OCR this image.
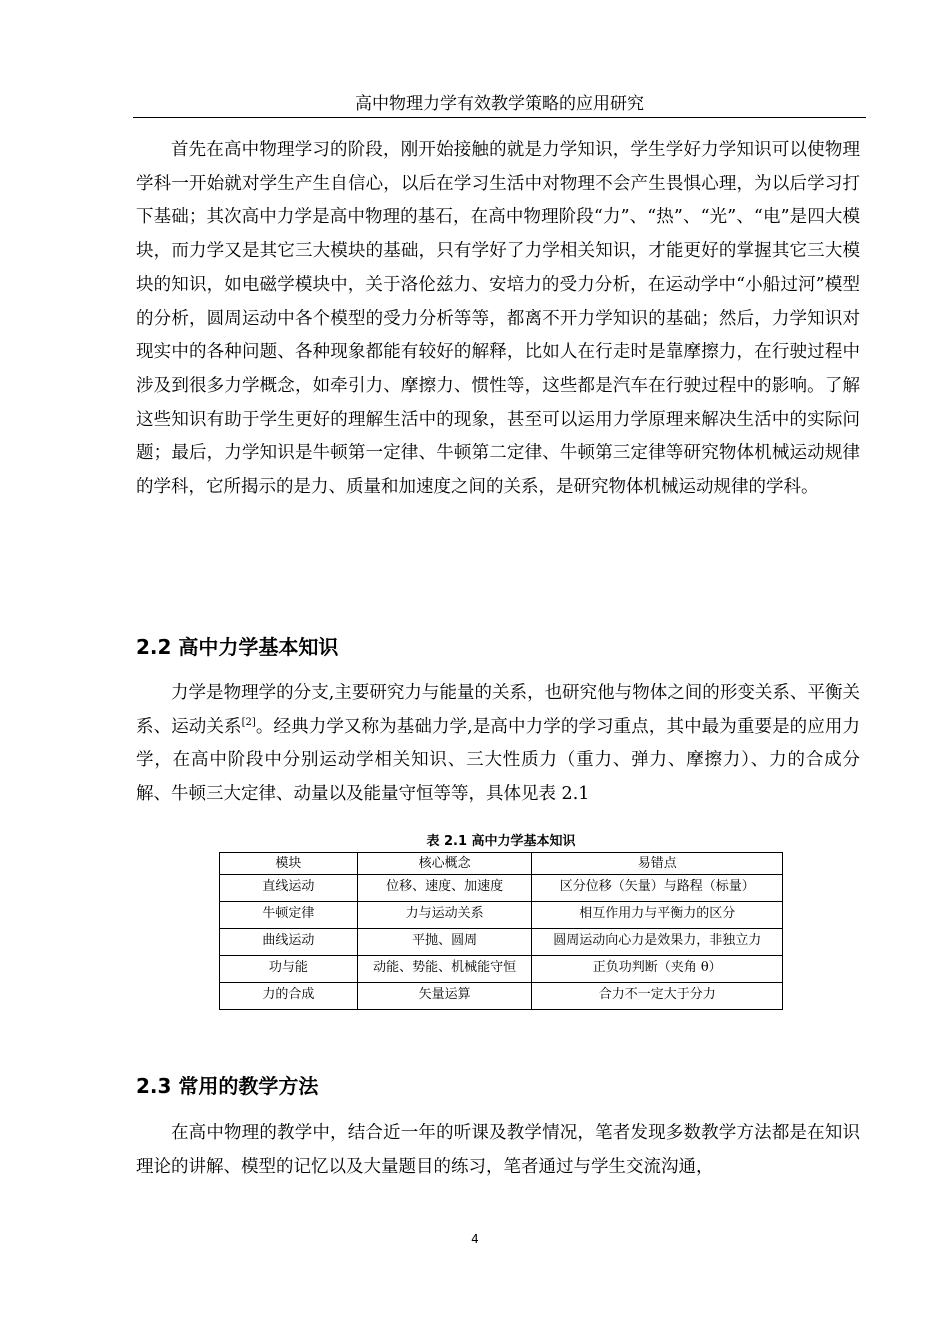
高中物理力学有效教学策略的应用研究

首先在高中物理学习的阶段，刚开始接触的就是力学知识，学生学好力学知识可以使物理学科一开始就对学生产生自信心，以后在学习生活中对物理不会产生畏惧心理，为以后学习打下基础；其次高中力学是高中物理的基石，在高中物理阶段“力”、“热”、“光”、“电”是四大模块，而力学又是其它三大模块的基础，只有学好了力学相关知识，才能更好的掌握其它三大模块的知识，如电磁学模块中，关于洛伦兹力、安培力的受力分析，在运动学中“小船过河”模型的分析，圆周运动中各个模型的受力分析等等，都离不开力学知识的基础；然后，力学知识对现实中的各种问题、各种现象都能有较好的解释，比如人在行走时是靠摩擦力，在行驶过程中涉及到很多力学概念，如牵引力、摩擦力、惯性等，这些都是汽车在行驶过程中的影响。了解这些知识有助于学生更好的理解生活中的现象，甚至可以运用力学原理来解决生活中的实际问题；最后，力学知识是牛顿第一定律、牛顿第二定律、牛顿第三定律等研究物体机械运动规律的学科，它所揭示的是力、质量和加速度之间的关系，是研究物体机械运动规律的学科。

2.2 高中力学基本知识

力学是物理学的分支,主要研究力与能量的关系，也研究他与物体之间的形变关系、平衡关系、运动关系[2]。经典力学又称为基础力学,是高中力学的学习重点，其中最为重要是的应用力学，在高中阶段中分别运动学相关知识、三大性质力（重力、弹力、摩擦力）、力的合成分解、牛顿三大定律、动量以及能量守恒等等，具体见表 2.1

表 2.1 高中力学基本知识
模块	核心概念	易错点
直线运动	位移、速度、加速度	区分位移（矢量）与路程（标量）
牛顿定律	力与运动关系	相互作用力与平衡力的区分
曲线运动	平抛、圆周	圆周运动向心力是效果力，非独立力
功与能	动能、势能、机械能守恒	正负功判断（夹角 θ）
力的合成	矢量运算	合力不一定大于分力
2.3 常用的教学方法

在高中物理的教学中，结合近一年的听课及教学情况，笔者发现多数教学方法都是在知识理论的讲解、模型的记忆以及大量题目的练习，笔者通过与学生交流沟通，

4
